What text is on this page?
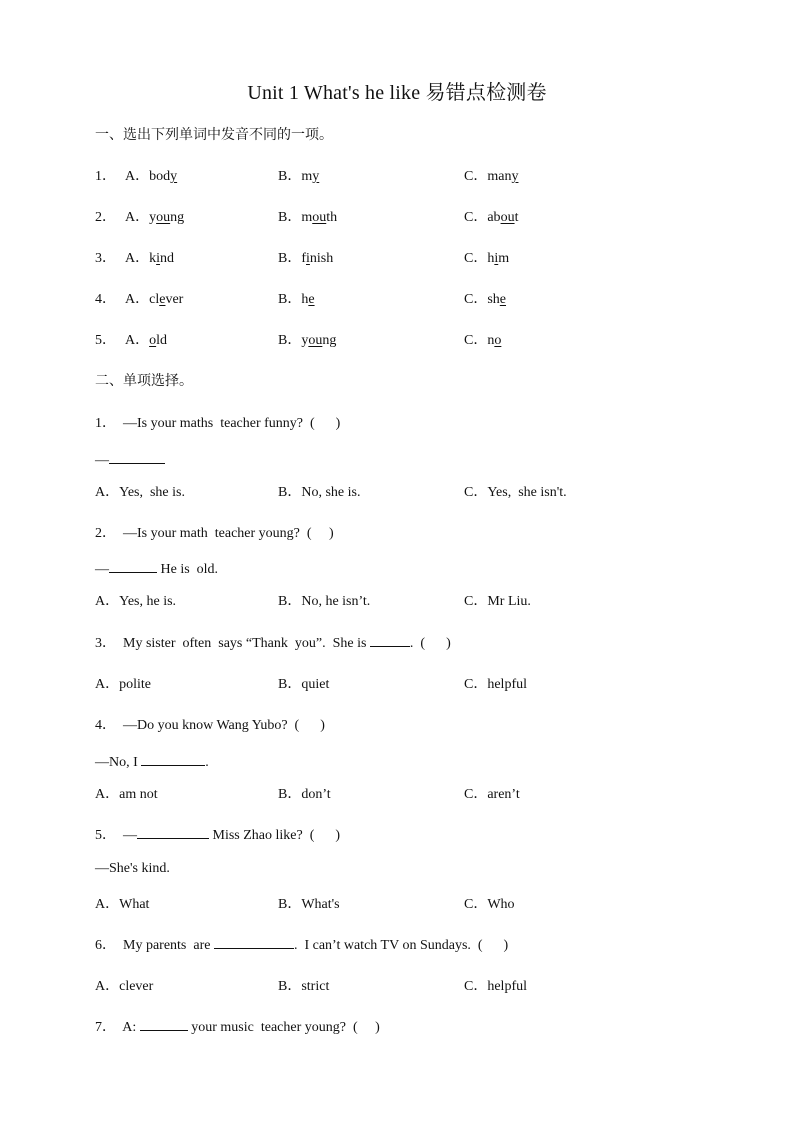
Unit 1 What's he like 易错点检测卷
一、选出下列单词中发音不同的一项。
1． A．body	B．my	C．many
2． A．young	B．mouth	C．about
3． A．kind	B．finish	C．him
4． A．clever	B．he	C．she
5． A．old	B．young	C．no
二、单项选择。
1．  —Is your maths  teacher funny?  (      )
—
A．Yes,  she is.	B．No, she is.	C．Yes,  she isn't.
2．  —Is your math  teacher young?  (     )
—	He is  old.
A．Yes, he is.	B．No, he isn’t.	C．Mr Liu.
3．  My sister  often  says “Thank  you”.  She is	.  (      )
A．polite	B．quiet	C．helpful
4．  —Do you know Wang Yubo?  (      )
—No, I	.
A．am not	B．don’t	C．aren’t
5．  —	Miss Zhao like?  (      )
—She's kind.
A．What	B．What's	C．Who
6．  My parents  are	.  I can’t watch TV on Sundays.  (      )
A．clever	B．strict	C．helpful
7．  A:	your music  teacher young?  (     )
